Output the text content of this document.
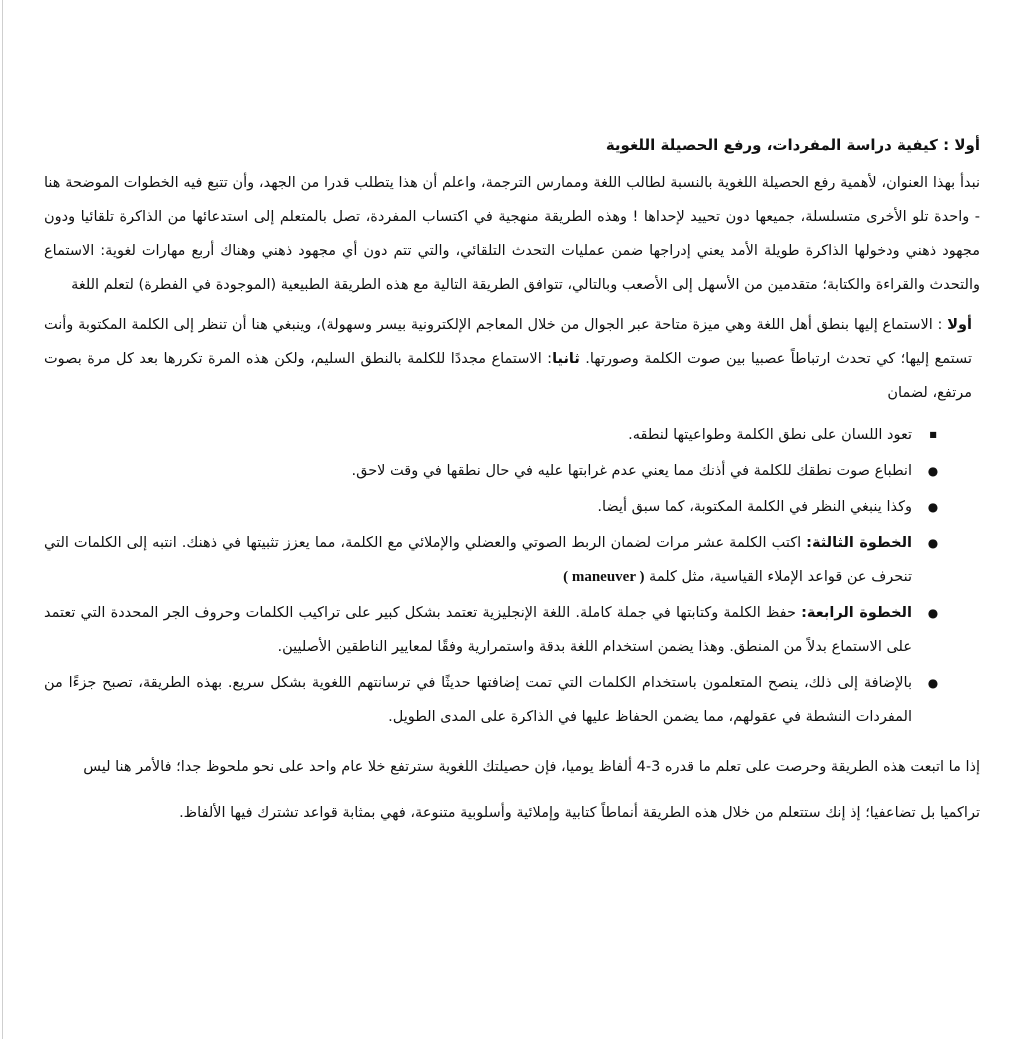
أولا : كيفية دراسة المفردات، ورفع الحصيلة اللغوية

نبدأ بهذا العنوان، لأهمية رفع الحصيلة اللغوية بالنسبة لطالب اللغة وممارس الترجمة، واعلم أن هذا يتطلب قدرا من الجهد، وأن تتبع فيه الخطوات الموضحة هنا - واحدة تلو الأخرى متسلسلة، جميعها دون تحييد لإحداها ! وهذه الطريقة منهجية في اكتساب المفردة، تصل بالمتعلم إلى استدعائها من الذاكرة تلقائيا ودون مجهود ذهني ودخولها الذاكرة طويلة الأمد يعني إدراجها ضمن عمليات التحدث التلقائي، والتي تتم دون أي مجهود ذهني وهناك أربع مهارات لغوية: الاستماع والتحدث والقراءة والكتابة؛ متقدمين من الأسهل إلى الأصعب وبالتالي، تتوافق الطريقة التالية مع هذه الطريقة الطبيعية (الموجودة في الفطرة) لتعلم اللغة

أولا : الاستماع إليها بنطق أهل اللغة وهي ميزة متاحة عبر الجوال من خلال المعاجم الإلكترونية بيسر وسهولة)، وينبغي هنا أن تنظر إلى الكلمة المكتوبة وأنت تستمع إليها؛ كي تحدث ارتباطاً عصبيا بين صوت الكلمة وصورتها. ثانيا: الاستماع مجددًا للكلمة بالنطق السليم، ولكن هذه المرة تكررها بعد كل مرة بصوت مرتفع، لضمان

■
تعود اللسان على نطق الكلمة وطواعيتها لنطقه.
●
انطباع صوت نطقك للكلمة في أذنك مما يعني عدم غرابتها عليه في حال نطقها في وقت لاحق.
●
وكذا ينبغي النظر في الكلمة المكتوبة، كما سبق أيضا.
●
الخطوة الثالثة: اكتب الكلمة عشر مرات لضمان الربط الصوتي والعضلي والإملائي مع الكلمة، مما يعزز تثبيتها في ذهنك. انتبه إلى الكلمات التي تنحرف عن قواعد الإملاء القياسية، مثل كلمة ( maneuver )
●
الخطوة الرابعة: حفظ الكلمة وكتابتها في جملة كاملة. اللغة الإنجليزية تعتمد بشكل كبير على تراكيب الكلمات وحروف الجر المحددة التي تعتمد على الاستماع بدلاً من المنطق. وهذا يضمن استخدام اللغة بدقة واستمرارية وفقًا لمعايير الناطقين الأصليين.
●
بالإضافة إلى ذلك، ينصح المتعلمون باستخدام الكلمات التي تمت إضافتها حديثًا في ترسانتهم اللغوية بشكل سريع. بهذه الطريقة، تصبح جزءًا من المفردات النشطة في عقولهم، مما يضمن الحفاظ عليها في الذاكرة على المدى الطويل.

إذا ما اتبعت هذه الطريقة وحرصت على تعلم ما قدره 3-4 ألفاظ يوميا، فإن حصيلتك اللغوية سترتفع خلا عام واحد على نحو ملحوظ جدا؛ فالأمر هنا ليس تراكميا بل تضاعفيا؛ إذ إنك ستتعلم من خلال هذه الطريقة أنماطاً كتابية وإملائية وأسلوبية متنوعة، فهي بمثابة قواعد تشترك فيها الألفاظ.
